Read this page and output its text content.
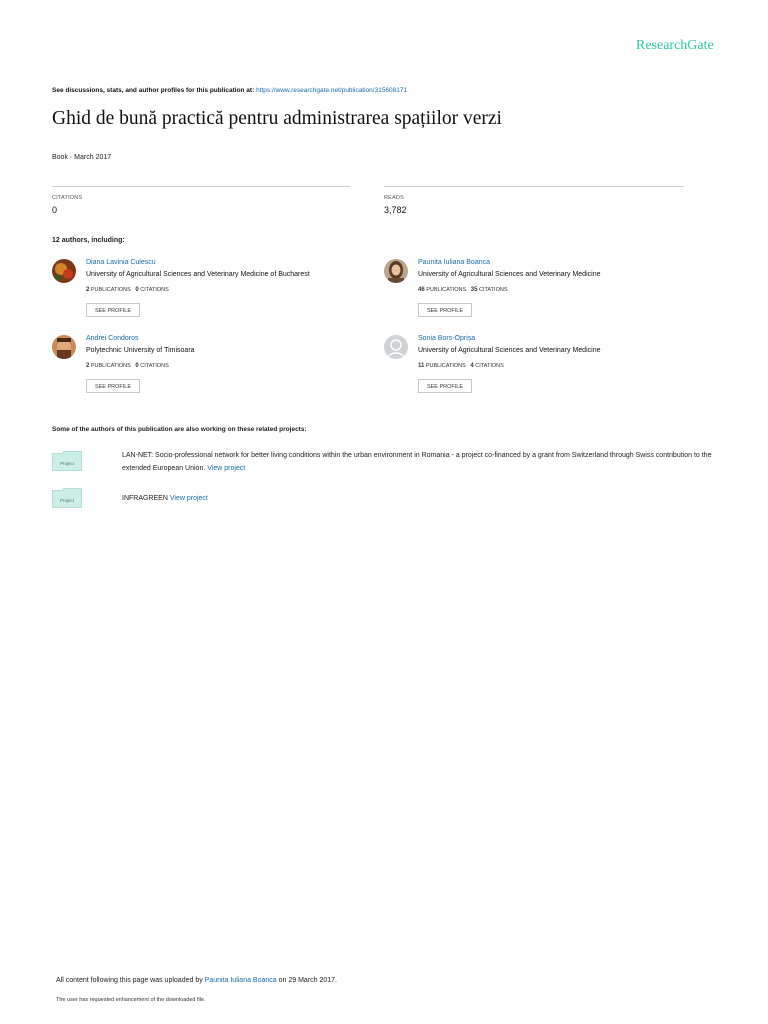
ResearchGate
See discussions, stats, and author profiles for this publication at: https://www.researchgate.net/publication/315608171
Ghid de bună practică pentru administrarea spațiilor verzi
Book · March 2017
CITATIONS
0
READS
3,782
12 authors, including:
Diana Lavinia Culescu
University of Agricultural Sciences and Veterinary Medicine of Bucharest
2 PUBLICATIONS 0 CITATIONS
SEE PROFILE
Paunita Iuliana Boanca
University of Agricultural Sciences and Veterinary Medicine
46 PUBLICATIONS 35 CITATIONS
SEE PROFILE
Andrei Condoros
Polytechnic University of Timisoara
2 PUBLICATIONS 0 CITATIONS
SEE PROFILE
Sonia Bors-Oprișa
University of Agricultural Sciences and Veterinary Medicine
11 PUBLICATIONS 4 CITATIONS
SEE PROFILE
Some of the authors of this publication are also working on these related projects:
Project
LAN-NET: Socio-professional network for better living conditions within the urban environment in Romania - a project co-financed by a grant from Switzerland through Swiss contribution to the extended European Union. View project
Project	INFRAGREEN View project
All content following this page was uploaded by Paunita Iuliana Boanca on 29 March 2017.
The user has requested enhancement of the downloaded file.
